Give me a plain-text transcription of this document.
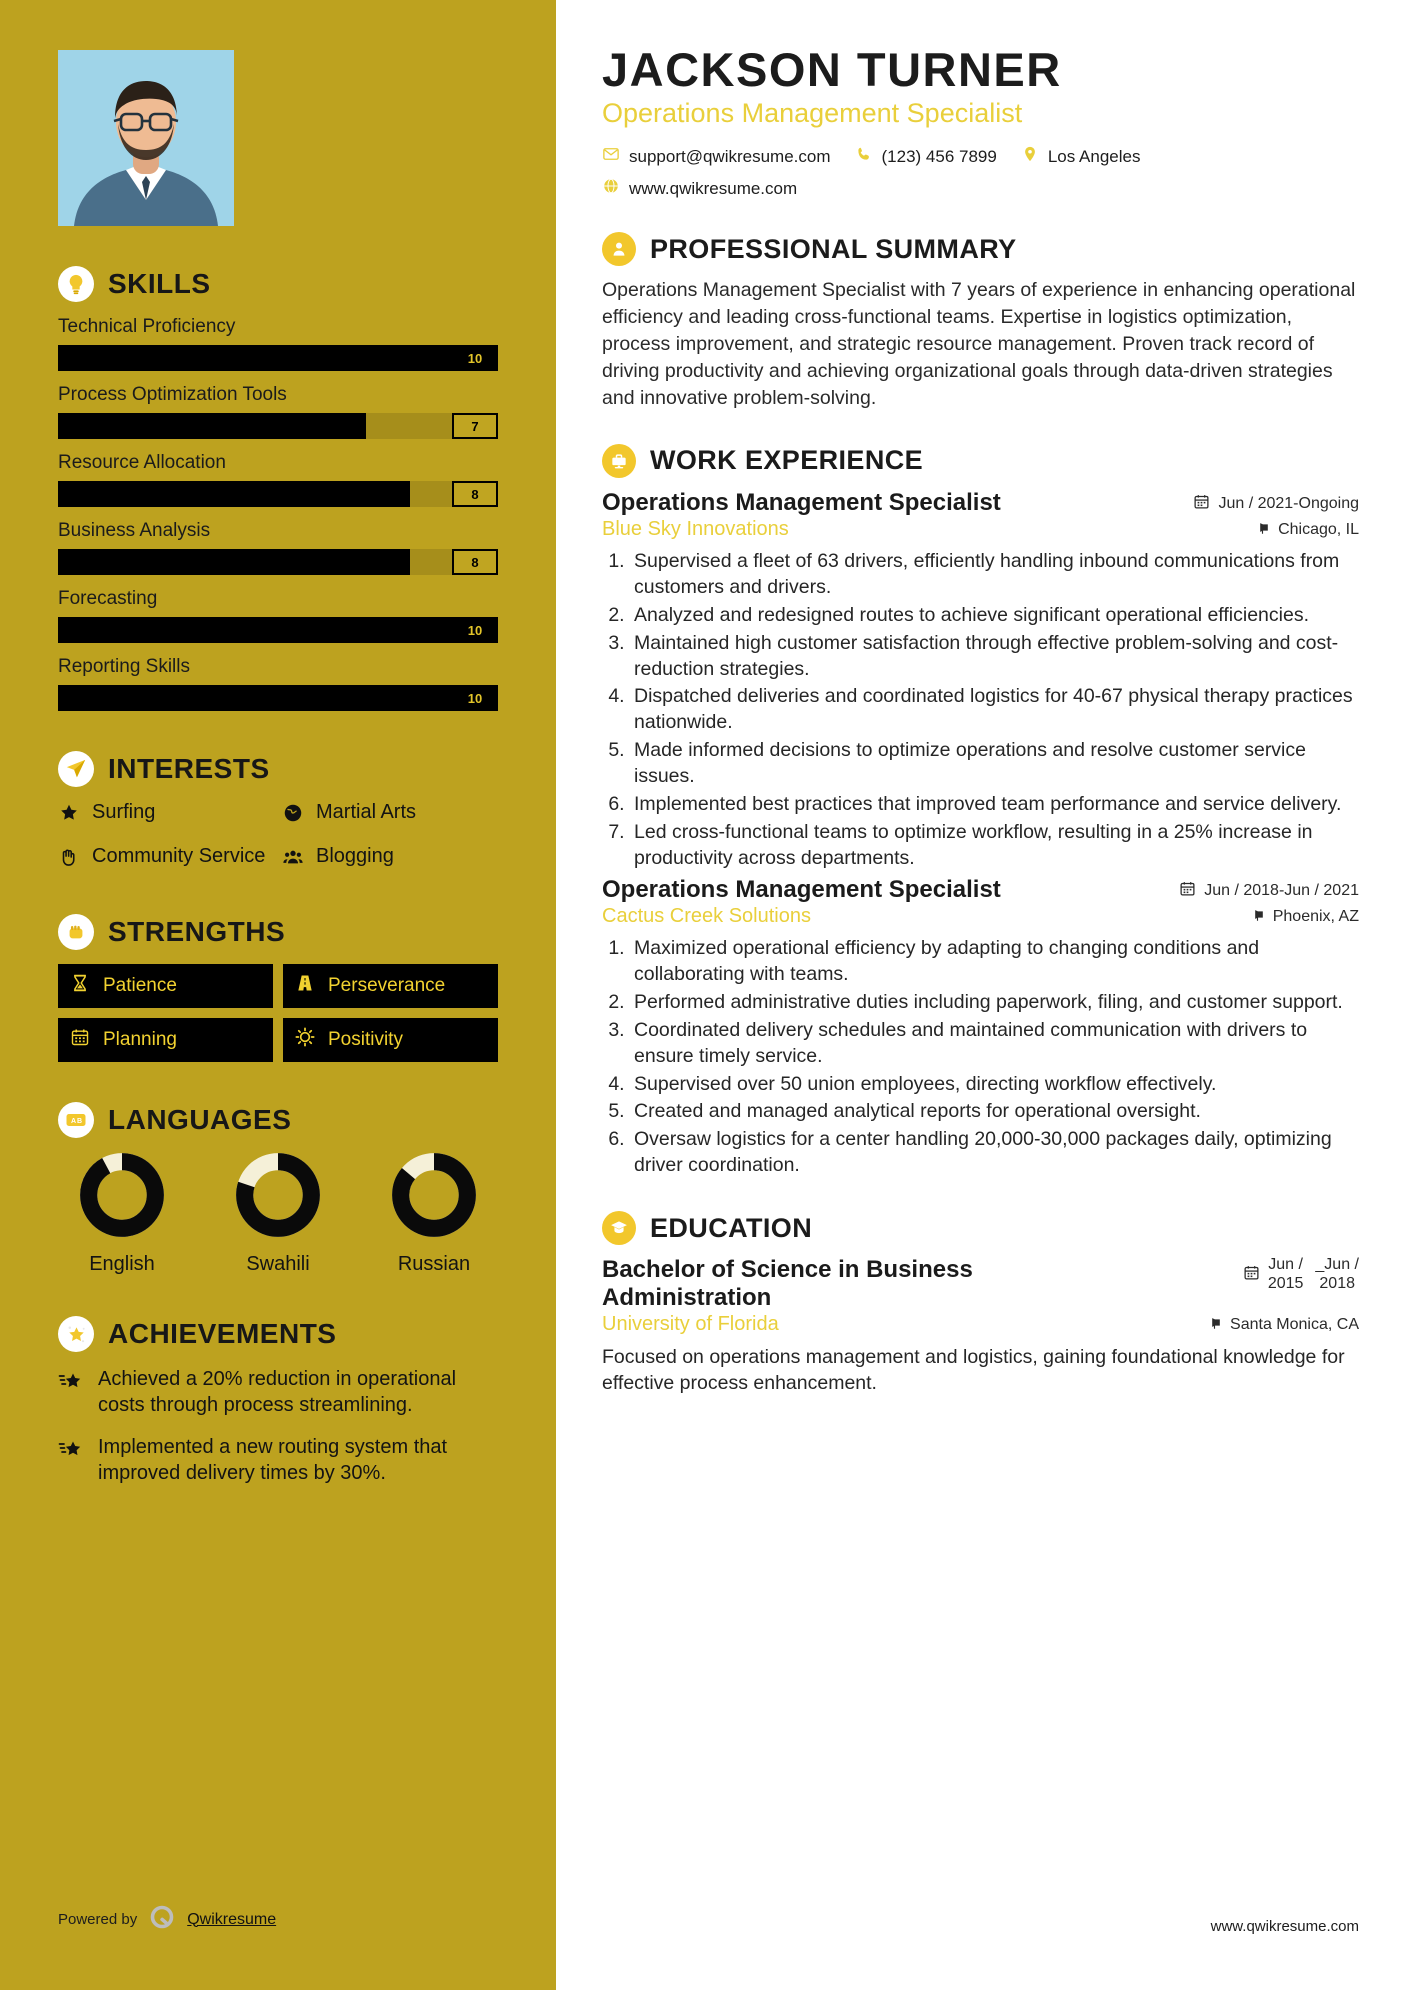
SKILLS
Technical Proficiency
10
Process Optimization Tools
7
Resource Allocation
8
Business Analysis
8
Forecasting
10
Reporting Skills
10
INTERESTS
Surfing	Martial Arts
Community Service	Blogging
STRENGTHS
Patience	Perseverance
Planning	Positivity
A B LANGUAGES
English	Swahili	Russian
ACHIEVEMENTS
Achieved a 20% reduction in operational costs through process streamlining.
Implemented a new routing system that improved delivery times by 30%.
Powered by	Qwikresume
JACKSON TURNER
Operations Management Specialist
support@qwikresume.com	(123) 456 7899	Los Angeles
www.qwikresume.com
PROFESSIONAL SUMMARY

Operations Management Specialist with 7 years of experience in enhancing operational efficiency and leading cross-functional teams. Expertise in logistics optimization, process improvement, and strategic resource management. Proven track record of driving productivity and achieving organizational goals through data-driven strategies and innovative problem-solving.

WORK EXPERIENCE
Operations Management Specialist	Jun / 2021-Ongoing
Blue Sky Innovations	Chicago, IL
1. Supervised a fleet of 63 drivers, efficiently handling inbound communications from customers and drivers.
2. Analyzed and redesigned routes to achieve significant operational efficiencies.
3. Maintained high customer satisfaction through effective problem-solving and cost-reduction strategies.
4. Dispatched deliveries and coordinated logistics for 40-67 physical therapy practices nationwide.
5. Made informed decisions to optimize operations and resolve customer service issues.
6. Implemented best practices that improved team performance and service delivery.
7. Led cross-functional teams to optimize workflow, resulting in a 25% increase in productivity across departments.
Operations Management Specialist	Jun / 2018-Jun / 2021
Cactus Creek Solutions	Phoenix, AZ
1. Maximized operational efficiency by adapting to changing conditions and collaborating with teams.
2. Performed administrative duties including paperwork, filing, and customer support.
3. Coordinated delivery schedules and maintained communication with drivers to ensure timely service.
4. Supervised over 50 union employees, directing workflow effectively.
5. Created and managed analytical reports for operational oversight.
6. Oversaw logistics for a center handling 20,000-30,000 packages daily, optimizing driver coordination.
EDUCATION
Bachelor of Science in Business Administration
Jun /
2015
_Jun /
2018
University of Florida	Santa Monica, CA

Focused on operations management and logistics, gaining foundational knowledge for effective process enhancement.

www.qwikresume.com
